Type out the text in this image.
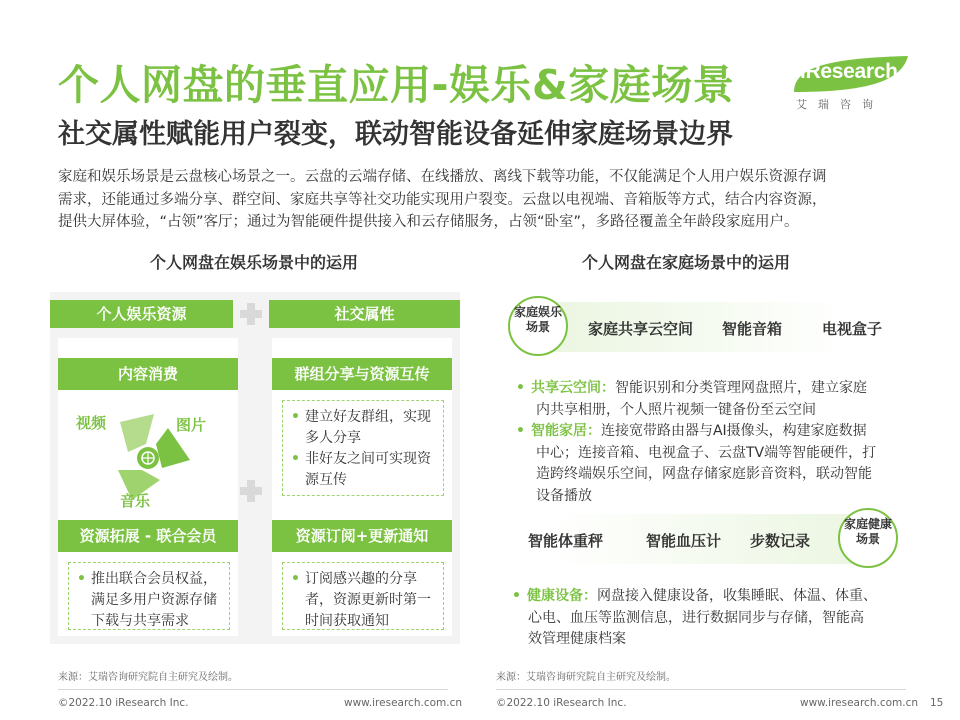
个人网盘的垂直应用-娱乐&家庭场景
社交属性赋能用户裂变，联动智能设备延伸家庭场景边界
iResearch
艾瑞咨询

家庭和娱乐场景是云盘核心场景之一。云盘的云端存储、在线播放、离线下载等功能，不仅能满足个人用户娱乐资源存调

需求，还能通过多端分享、群空间、家庭共享等社交功能实现用户裂变。云盘以电视端、音箱版等方式，结合内容资源，

提供大屏体验，“占领”客厅；通过为智能硬件提供接入和云存储服务，占领“卧室”，多路径覆盖全年龄段家庭用户。

个人网盘在娱乐场景中的运用
个人娱乐资源	社交属性
内容消费
视频	图片
音乐
资源拓展 - 联合会员
• 推出联合会员权益，满足多用户资源存储下载与共享需求
群组分享与资源互传
• 建立好友群组，实现多人分享
• 非好友之间可实现资源互传
资源订阅+更新通知
• 订阅感兴趣的分享者，资源更新时第一时间获取通知
个人网盘在家庭场景中的运用
家庭娱乐场景	家庭共享云空间 智能音箱	电视盒子
• 共享云空间：智能识别和分类管理网盘照片，建立家庭
内共享相册，个人照片视频一键备份至云空间
• 智能家居：连接宽带路由器与AI摄像头，构建家庭数据
中心；连接音箱、电视盒子、云盘TV端等智能硬件，打
造跨终端娱乐空间，网盘存储家庭影音资料，联动智能
设备播放
家庭健康场景
智能体重秤	智能血压计 步数记录
• 健康设备：网盘接入健康设备，收集睡眠、体温、体重、
心电、血压等监测信息，进行数据同步与存储，智能高
效管理健康档案
来源：艾瑞咨询研究院自主研究及绘制。	来源：艾瑞咨询研究院自主研究及绘制。
©2022.10 iResearch Inc.	www.iresearch.com.cn	©2022.10 iResearch Inc.	www.iresearch.com.cn 15
